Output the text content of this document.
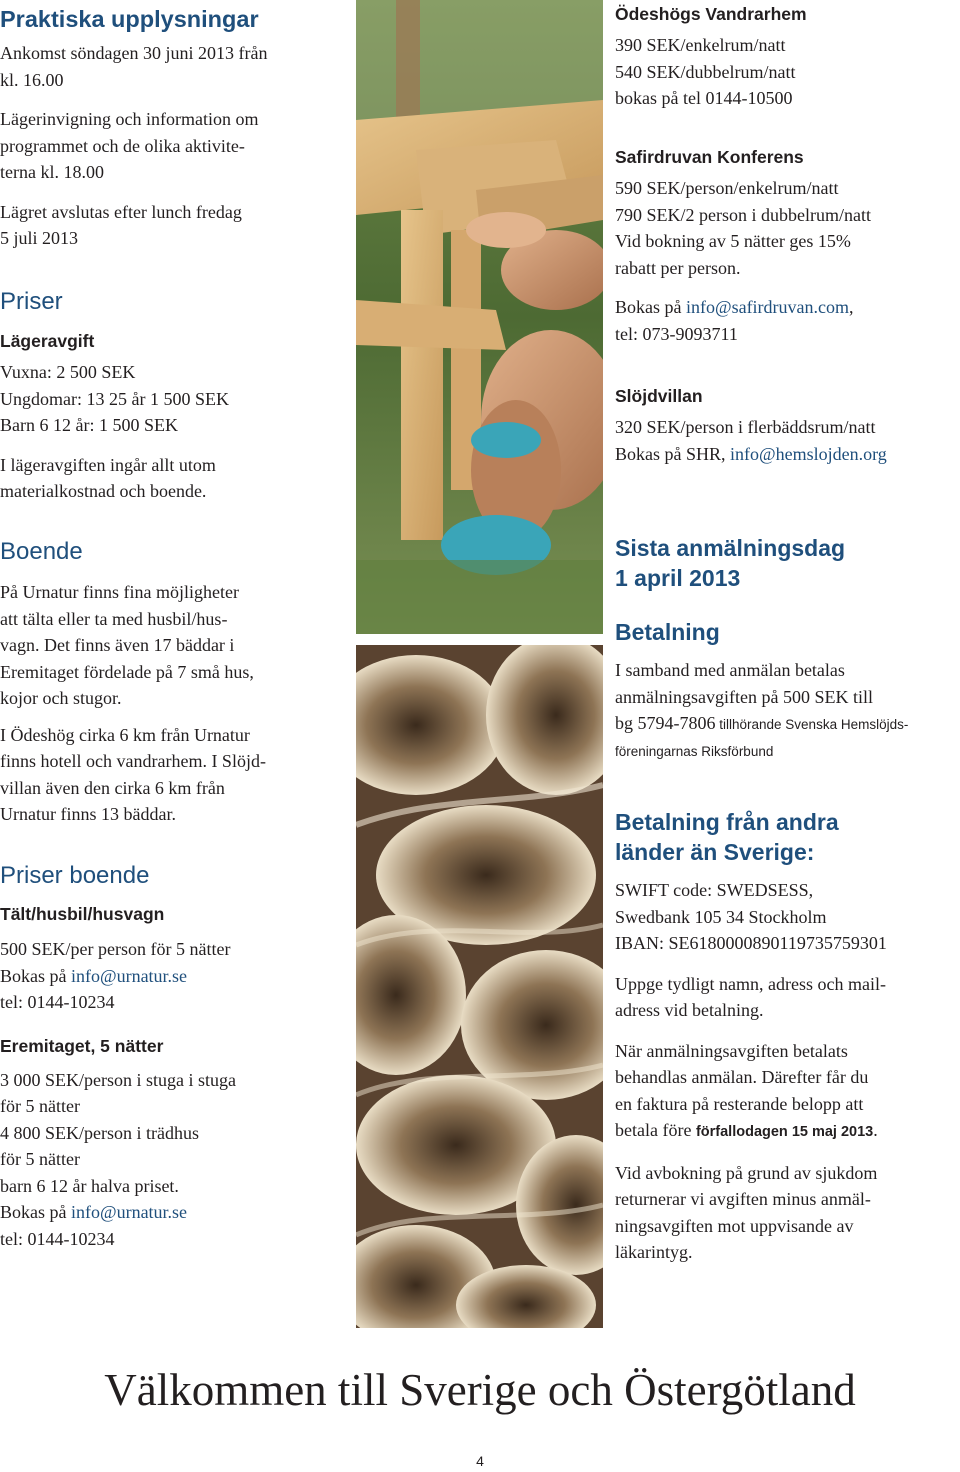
Praktiska upplysningar

Ankomst söndagen 30 juni 2013 från
kl. 16.00

Lägerinvigning och information om
programmet och de olika aktivite-
terna kl. 18.00

Lägret avslutas efter lunch fredag
5 juli 2013

Priser
Lägeravgift

Vuxna: 2 500 SEK
Ungdomar: 13 25 år 1 500 SEK
Barn 6 12 år: 1 500 SEK

I lägeravgiften ingår allt utom
materialkostnad och boende.

Boende

På Urnatur finns fina möjligheter
att tälta eller ta med husbil/hus-
vagn. Det finns även 17 bäddar i
Eremitaget fördelade på 7 små hus,
kojor och stugor.

I Ödeshög cirka 6 km från Urnatur
finns hotell och vandrarhem. I Slöjd-
villan även den cirka 6 km från
Urnatur finns 13 bäddar.

Priser boende
Tält/husbil/husvagn

500 SEK/per person för 5 nätter
Bokas på info@urnatur.se
tel: 0144-10234

Eremitaget, 5 nätter

3 000 SEK/person i stuga i stuga
för 5 nätter
4 800 SEK/person i trädhus
för 5 nätter
barn 6 12 år halva priset.
Bokas på info@urnatur.se
tel: 0144-10234

Ödeshögs Vandrarhem

390 SEK/enkelrum/natt
540 SEK/dubbelrum/natt
bokas på tel 0144-10500

Safirdruvan Konferens

590 SEK/person/enkelrum/natt
790 SEK/2 person i dubbelrum/natt
Vid bokning av 5 nätter ges 15%
rabatt per person.

Bokas på info@safirdruvan.com,
tel: 073-9093711

Slöjdvillan

320 SEK/person i flerbäddsrum/natt
Bokas på SHR, info@hemslojden.org

Sista anmälningsdag
1 april 2013
Betalning

I samband med anmälan betalas
anmälningsavgiften på 500 SEK till
bg 5794-7806 tillhörande Svenska Hemslöjds-

föreningarnas Riksförbund

Betalning från andra
länder än Sverige:

SWIFT code: SWEDSESS,
Swedbank 105 34 Stockholm
IBAN: SE6180000890119735759301

Uppge tydligt namn, adress och mail-
adress vid betalning.

När anmälningsavgiften betalats
behandlas anmälan. Därefter får du
en faktura på resterande belopp att
betala före förfallodagen 15 maj 2013.

Vid avbokning på grund av sjukdom
returnerar vi avgiften minus anmäl-
ningsavgiften mot uppvisande av
läkarintyg.

Välkommen till Sverige och Östergötland
4
